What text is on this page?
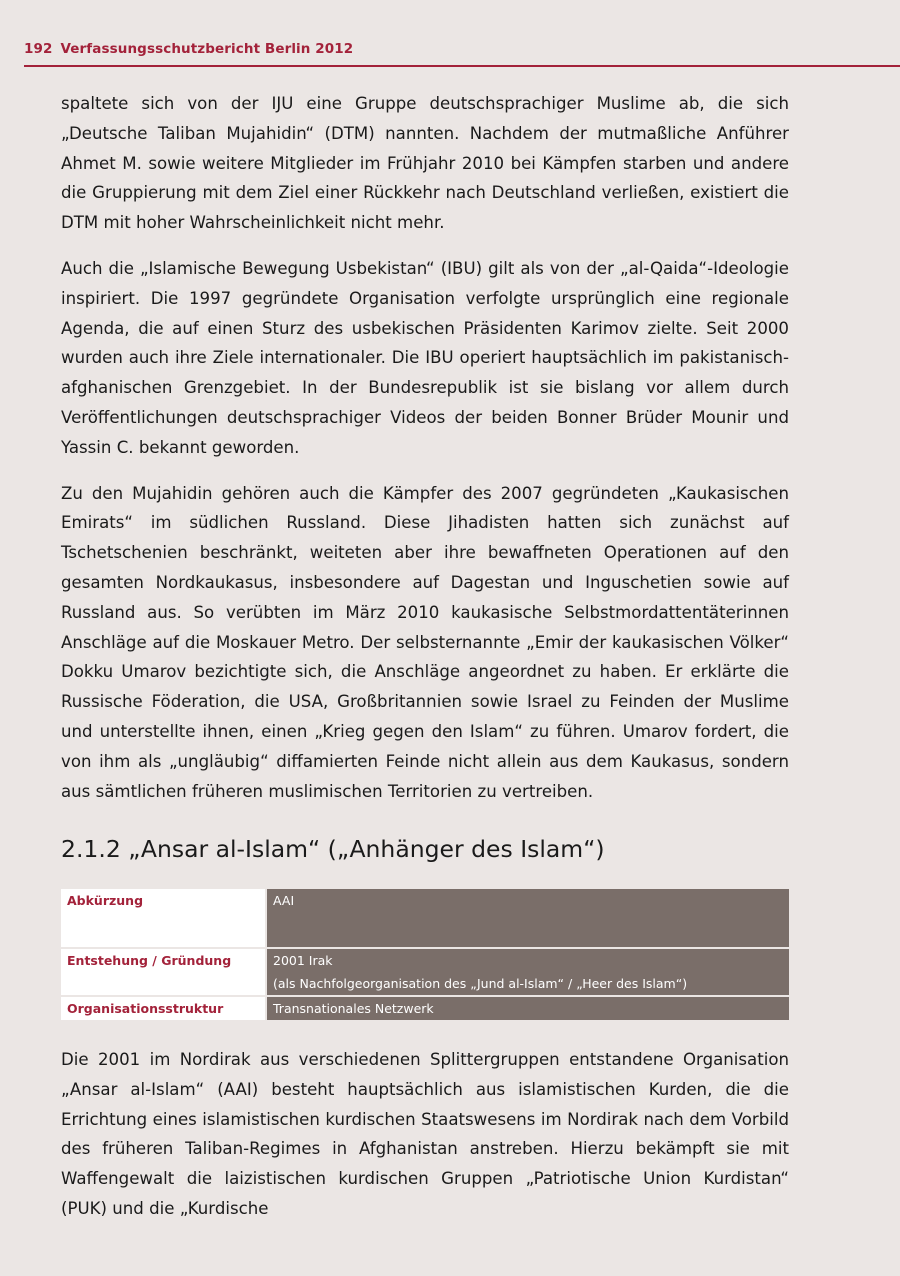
192 Verfassungsschutzbericht Berlin 2012

spaltete sich von der IJU eine Gruppe deutschsprachiger Muslime ab, die sich „Deutsche Taliban Mujahidin“ (DTM) nannten. Nachdem der mutmaßliche Anführer Ahmet M. sowie weitere Mitglieder im Frühjahr 2010 bei Kämpfen starben und andere die Gruppierung mit dem Ziel einer Rückkehr nach Deutschland verließen, existiert die DTM mit hoher Wahrscheinlichkeit nicht mehr.

Auch die „Islamische Bewegung Usbekistan“ (IBU) gilt als von der „al-Qaida“-Ideologie inspiriert. Die 1997 gegründete Organisation verfolgte ursprünglich eine regionale Agenda, die auf einen Sturz des usbekischen Präsidenten Karimov zielte. Seit 2000 wurden auch ihre Ziele internationaler. Die IBU operiert hauptsächlich im pakistanisch-afghanischen Grenzgebiet. In der Bundesrepublik ist sie bislang vor allem durch Veröffentlichungen deutschsprachiger Videos der beiden Bonner Brüder Mounir und Yassin C. bekannt geworden.

Zu den Mujahidin gehören auch die Kämpfer des 2007 gegründeten „Kaukasischen Emirats“ im südlichen Russland. Diese Jihadisten hatten sich zunächst auf Tschetschenien beschränkt, weiteten aber ihre bewaffneten Operationen auf den gesamten Nordkaukasus, insbesondere auf Dagestan und Inguschetien sowie auf Russland aus. So verübten im März 2010 kaukasische Selbstmordattentäterinnen Anschläge auf die Moskauer Metro. Der selbsternannte „Emir der kaukasischen Völker“ Dokku Umarov bezichtigte sich, die Anschläge angeordnet zu haben. Er erklärte die Russische Föderation, die USA, Großbritannien sowie Israel zu Feinden der Muslime und unterstellte ihnen, einen „Krieg gegen den Islam“ zu führen. Umarov fordert, die von ihm als „ungläubig“ diffamierten Feinde nicht allein aus dem Kaukasus, sondern aus sämtlichen früheren muslimischen Territorien zu vertreiben.

2.1.2 „Ansar al-Islam“ („Anhänger des Islam“)
Abkürzung	AAI
Entstehung / Gründung	2001 Irak
(als Nachfolgeorganisation des „Jund al-Islam“ / „Heer des Islam“)

Organisationsstruktur	Transnationales Netzwerk

Die 2001 im Nordirak aus verschiedenen Splittergruppen entstandene Organisation „Ansar al-Islam“ (AAI) besteht hauptsächlich aus islamistischen Kurden, die die Errichtung eines islamistischen kurdischen Staatswesens im Nordirak nach dem Vorbild des früheren Taliban-Regimes in Afghanistan anstreben. Hierzu bekämpft sie mit Waffengewalt die laizistischen kurdischen Gruppen „Patriotische Union Kurdistan“ (PUK) und die „Kurdische
